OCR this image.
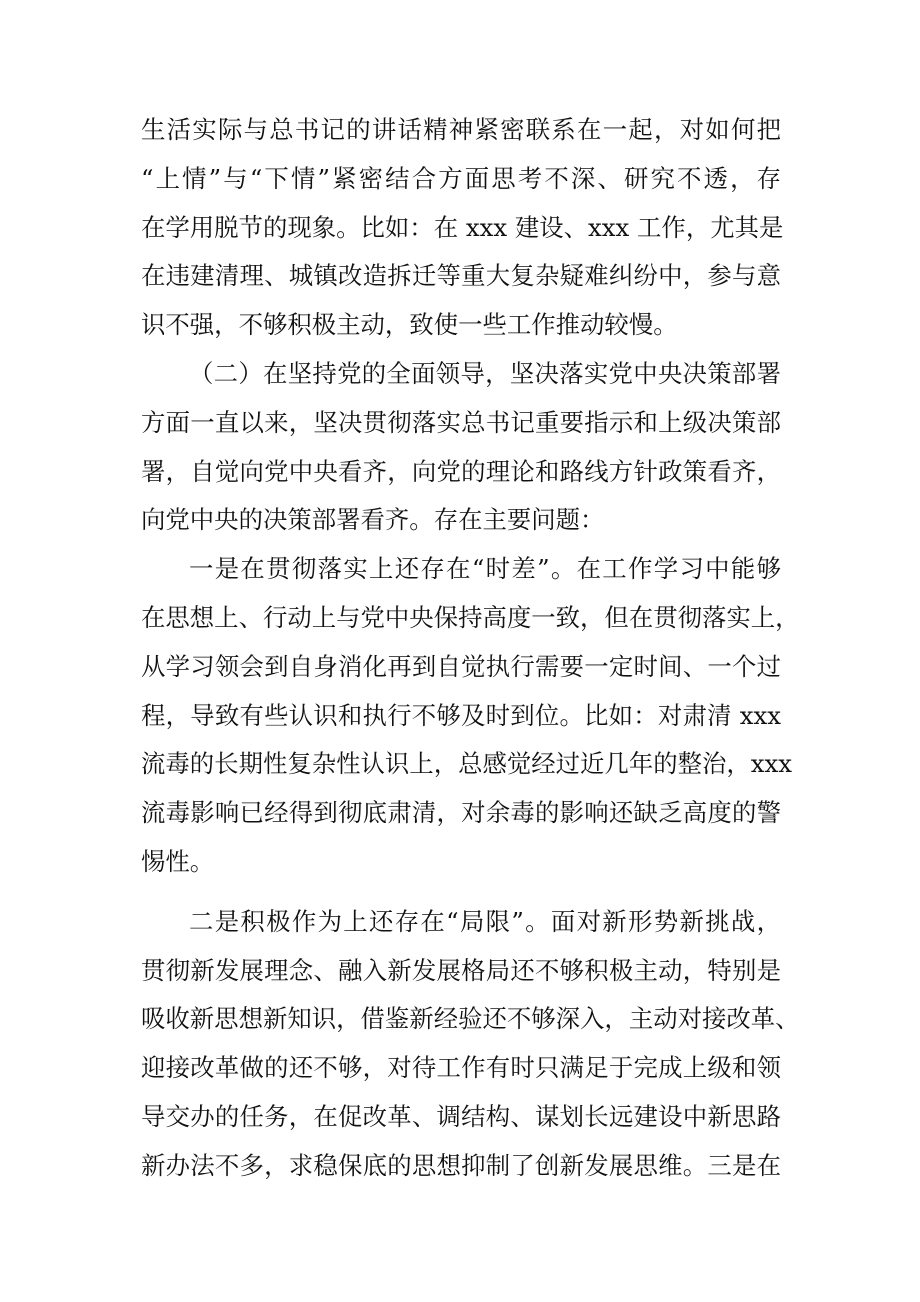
生活实际与总书记的讲话精神紧密联系在一起，对如何把
“上情”与“下情”紧密结合方面思考不深、研究不透，存
在学用脱节的现象。比如：在 xxx 建设、xxx 工作，尤其是
在违建清理、城镇改造拆迁等重大复杂疑难纠纷中，参与意
识不强，不够积极主动，致使一些工作推动较慢。
（二）在坚持党的全面领导，坚决落实党中央决策部署
方面一直以来，坚决贯彻落实总书记重要指示和上级决策部
署，自觉向党中央看齐，向党的理论和路线方针政策看齐，
向党中央的决策部署看齐。存在主要问题：
一是在贯彻落实上还存在“时差”。在工作学习中能够
在思想上、行动上与党中央保持高度一致，但在贯彻落实上，
从学习领会到自身消化再到自觉执行需要一定时间、一个过
程，导致有些认识和执行不够及时到位。比如：对肃清 xxx
流毒的长期性复杂性认识上，总感觉经过近几年的整治，xxx
流毒影响已经得到彻底肃清，对余毒的影响还缺乏高度的警
惕性。
二是积极作为上还存在“局限”。面对新形势新挑战，
贯彻新发展理念、融入新发展格局还不够积极主动，特别是
吸收新思想新知识，借鉴新经验还不够深入，主动对接改革、
迎接改革做的还不够，对待工作有时只满足于完成上级和领
导交办的任务，在促改革、调结构、谋划长远建设中新思路
新办法不多，求稳保底的思想抑制了创新发展思维。三是在
